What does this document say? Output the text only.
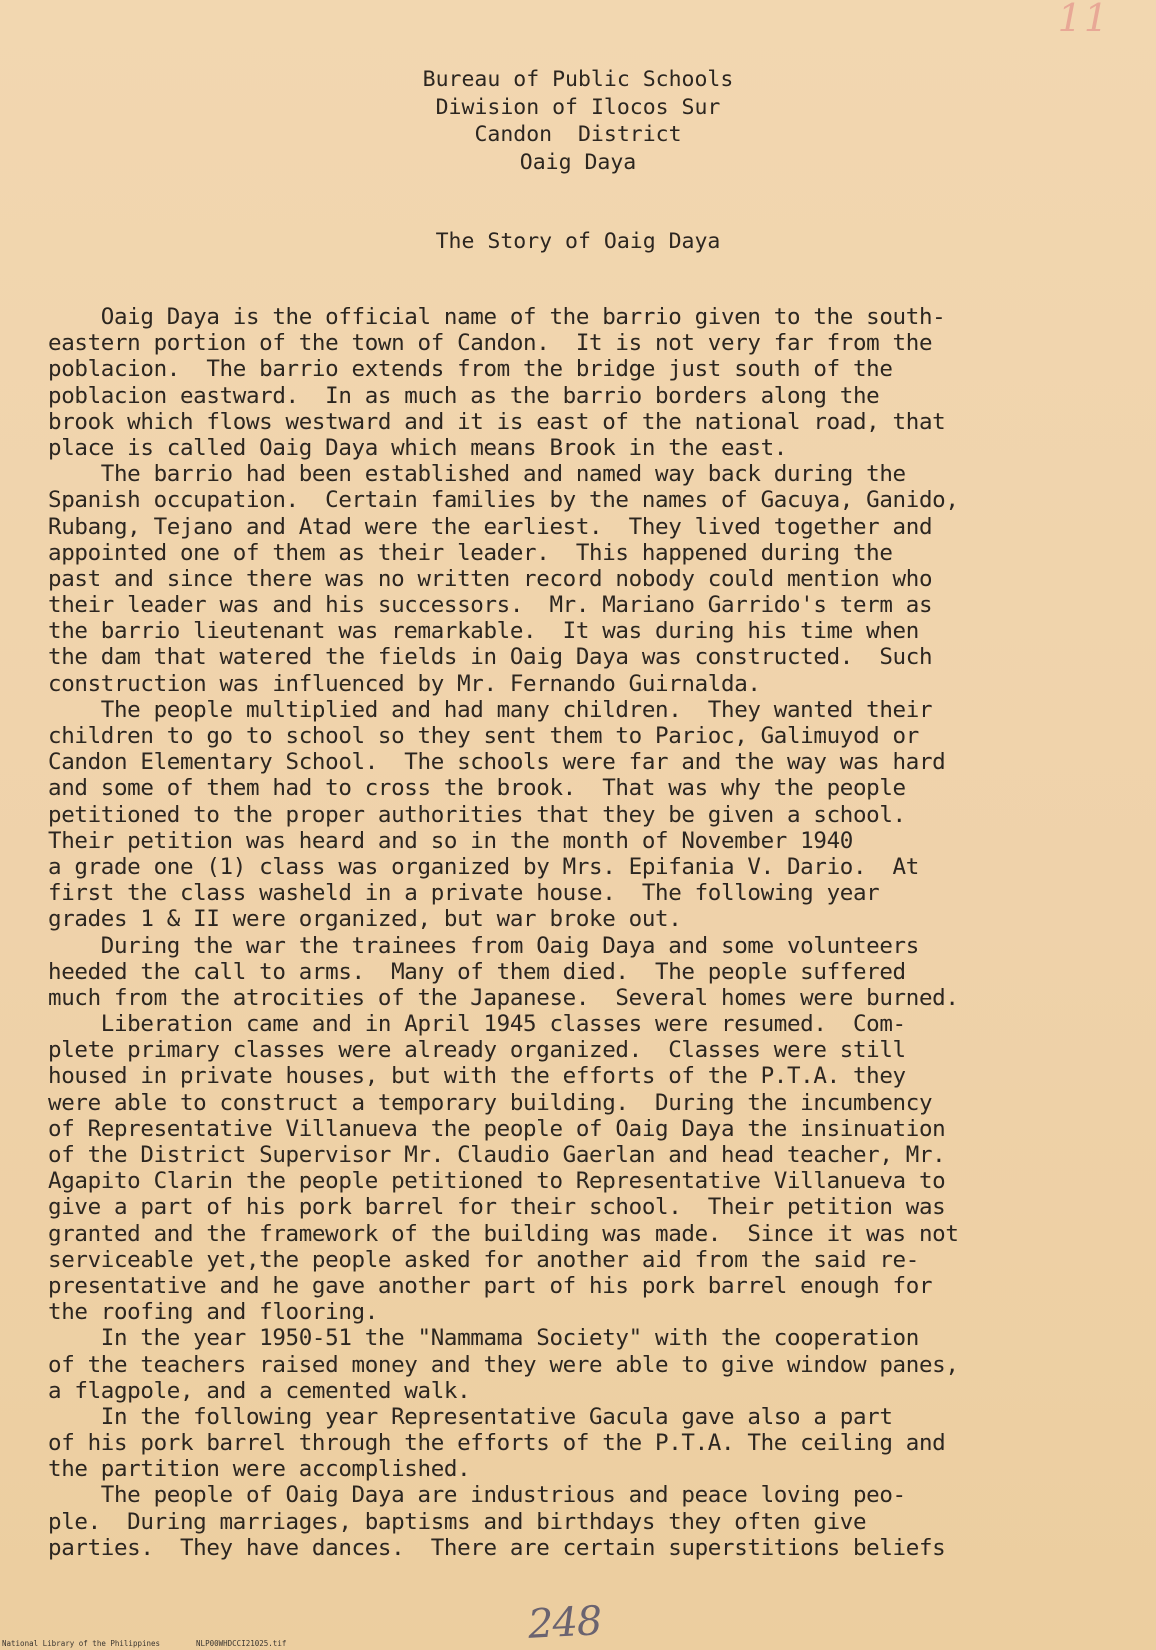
11
Bureau of Public Schools
Diwision of Ilocos Sur
Candon  District
Oaig Daya
The Story of Oaig Daya
Oaig Daya is the official name of the barrio given to the south-
eastern portion of the town of Candon.  It is not very far from the
poblacion.  The barrio extends from the bridge just south of the
poblacion eastward.  In as much as the barrio borders along the
brook which flows westward and it is east of the national road, that
place is called Oaig Daya which means Brook in the east.
The barrio had been established and named way back during the
Spanish occupation.  Certain families by the names of Gacuya, Ganido,
Rubang, Tejano and Atad were the earliest.  They lived together and
appointed one of them as their leader.  This happened during the
past and since there was no written record nobody could mention who
their leader was and his successors.  Mr. Mariano Garrido's term as
the barrio lieutenant was remarkable.  It was during his time when
the dam that watered the fields in Oaig Daya was constructed.  Such
construction was influenced by Mr. Fernando Guirnalda.
The people multiplied and had many children.  They wanted their
children to go to school so they sent them to Parioc, Galimuyod or
Candon Elementary School.  The schools were far and the way was hard
and some of them had to cross the brook.  That was why the people
petitioned to the proper authorities that they be given a school.
Their petition was heard and so in the month of November 1940
a grade one (1) class was organized by Mrs. Epifania V. Dario.  At
first the class washeld in a private house.  The following year
grades 1 & II were organized, but war broke out.
During the war the trainees from Oaig Daya and some volunteers
heeded the call to arms.  Many of them died.  The people suffered
much from the atrocities of the Japanese.  Several homes were burned.
Liberation came and in April 1945 classes were resumed.  Com-
plete primary classes were already organized.  Classes were still
housed in private houses, but with the efforts of the P.T.A. they
were able to construct a temporary building.  During the incumbency
of Representative Villanueva the people of Oaig Daya the insinuation
of the District Supervisor Mr. Claudio Gaerlan and head teacher, Mr.
Agapito Clarin the people petitioned to Representative Villanueva to
give a part of his pork barrel for their school.  Their petition was
granted and the framework of the building was made.  Since it was not
serviceable yet,the people asked for another aid from the said re-
presentative and he gave another part of his pork barrel enough for
the roofing and flooring.
In the year 1950-51 the "Nammama Society" with the cooperation
of the teachers raised money and they were able to give window panes,
a flagpole, and a cemented walk.
In the following year Representative Gacula gave also a part
of his pork barrel through the efforts of the P.T.A. The ceiling and
the partition were accomplished.
The people of Oaig Daya are industrious and peace loving peo-
ple.  During marriages, baptisms and birthdays they often give
parties.  They have dances.  There are certain superstitions beliefs
248
National Library of the Philippines	NLP00WHDCCI21025.tif
